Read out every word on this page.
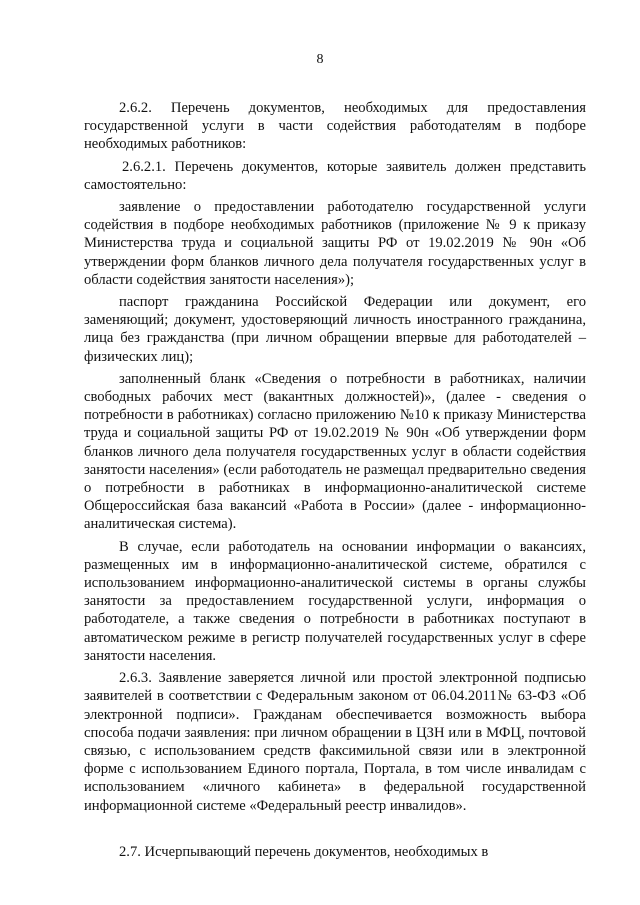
8

2.6.2. Перечень документов, необходимых для предоставления государственной услуги в части содействия работодателям в подборе необходимых работников:

2.6.2.1. Перечень документов, которые заявитель должен представить самостоятельно:

заявление о предоставлении работодателю государственной услуги содействия в подборе необходимых работников (приложение № 9 к приказу Министерства труда и социальной защиты РФ от 19.02.2019 № 90н «Об утверждении форм бланков личного дела получателя государственных услуг в области содействия занятости населения»);

паспорт гражданина Российской Федерации или документ, его заменяющий; документ, удостоверяющий личность иностранного гражданина, лица без гражданства (при личном обращении впервые для работодателей – физических лиц);

заполненный бланк «Сведения о потребности в работниках, наличии свободных рабочих мест (вакантных должностей)», (далее - сведения о потребности в работниках) согласно приложению №10 к приказу Министерства труда и социальной защиты РФ от 19.02.2019 № 90н «Об утверждении форм бланков личного дела получателя государственных услуг в области содействия занятости населения» (если работодатель не размещал предварительно сведения о потребности в работниках в информационно-аналитической системе Общероссийская база вакансий «Работа в России» (далее - информационно-аналитическая система).

В случае, если работодатель на основании информации о вакансиях, размещенных им в информационно-аналитической системе, обратился с использованием информационно-аналитической системы в органы службы занятости за предоставлением государственной услуги, информация о работодателе, а также сведения о потребности в работниках поступают в автоматическом режиме в регистр получателей государственных услуг в сфере занятости населения.

2.6.3. Заявление заверяется личной или простой электронной подписью заявителей в соответствии с Федеральным законом от 06.04.2011№ 63-ФЗ «Об электронной подписи». Гражданам обеспечивается возможность выбора способа подачи заявления: при личном обращении в ЦЗН или в МФЦ, почтовой связью, с использованием средств факсимильной связи или в электронной форме с использованием Единого портала, Портала, в том числе инвалидам с использованием «личного кабинета» в федеральной государственной информационной системе «Федеральный реестр инвалидов».

2.7. Исчерпывающий перечень документов, необходимых в
